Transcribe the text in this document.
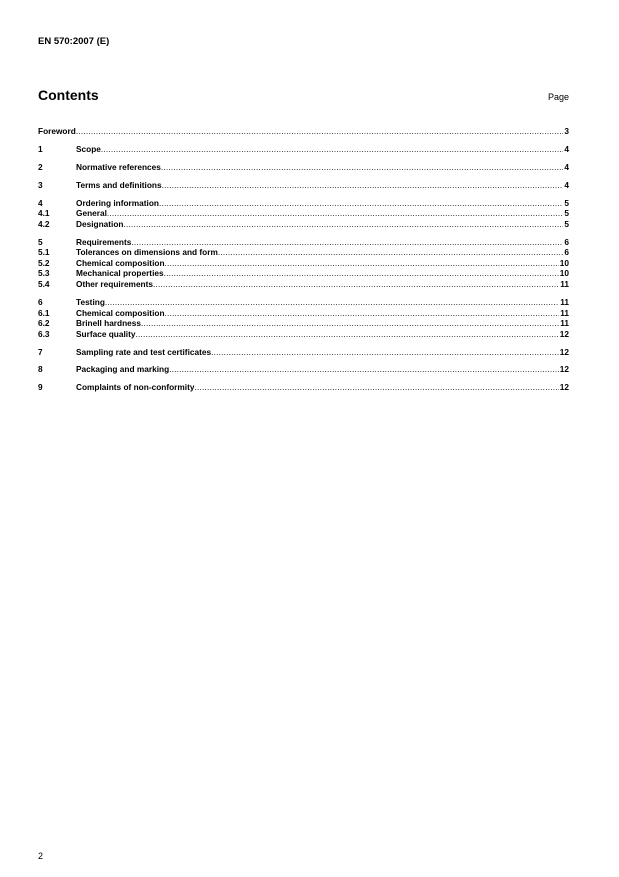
EN 570:2007 (E)
Contents	Page
Foreword .....	3
1	Scope .....	4
2	Normative references .....	4
3	Terms and definitions .....	4
4	Ordering information .....	5
4.1	General .....	5
4.2	Designation .....	5
5	Requirements .....	6
5.1	Tolerances on dimensions and form .....	6
5.2	Chemical composition .....	10
5.3	Mechanical properties .....	10
5.4	Other requirements .....	11
6	Testing .....	11
6.1	Chemical composition .....	11
6.2	Brinell hardness .....	11
6.3	Surface quality .....	12
7	Sampling rate and test certificates .....	12
8	Packaging and marking .....	12
9	Complaints of non-conformity .....	12
2
